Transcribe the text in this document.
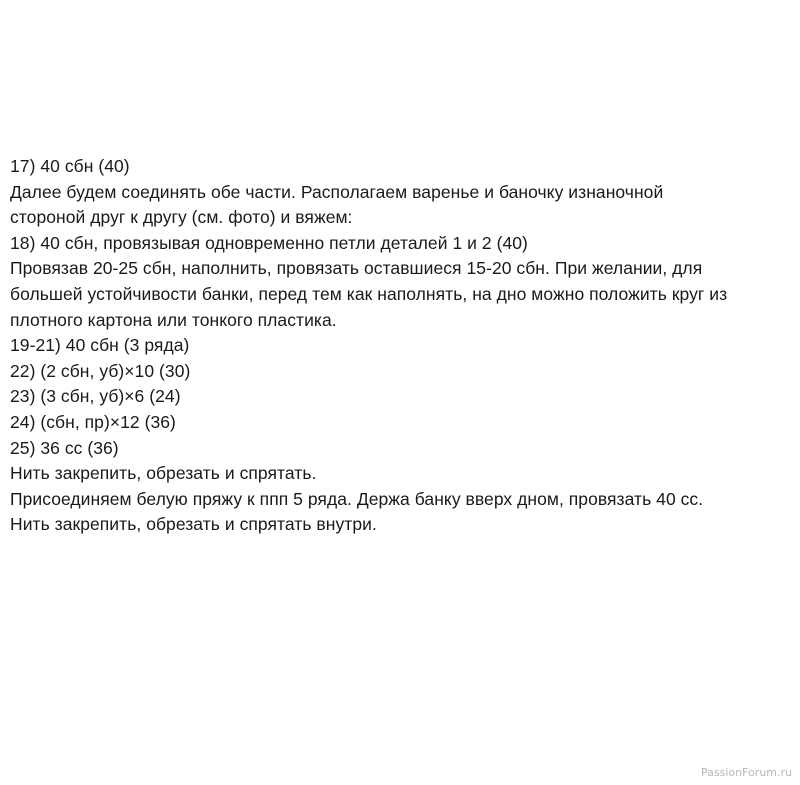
17) 40 сбн (40)
Далее будем соединять обе части. Располагаем варенье и баночку изнаночной
стороной друг к другу (см. фото) и вяжем:
18) 40 сбн, провязывая одновременно петли деталей 1 и 2 (40)
Провязав 20-25 сбн, наполнить, провязать оставшиеся 15-20 сбн. При желании, для
большей устойчивости банки, перед тем как наполнять, на дно можно положить круг из
плотного картона или тонкого пластика.
19-21) 40 сбн (3 ряда)
22) (2 сбн, уб)×10 (30)
23) (3 сбн, уб)×6 (24)
24) (сбн, пр)×12 (36)
25) 36 сс (36)
Нить закрепить, обрезать и спрятать.
Присоединяем белую пряжу к ппп 5 ряда. Держа банку вверх дном, провязать 40 сс.
Нить закрепить, обрезать и спрятать внутри.
PassionForum.ru
